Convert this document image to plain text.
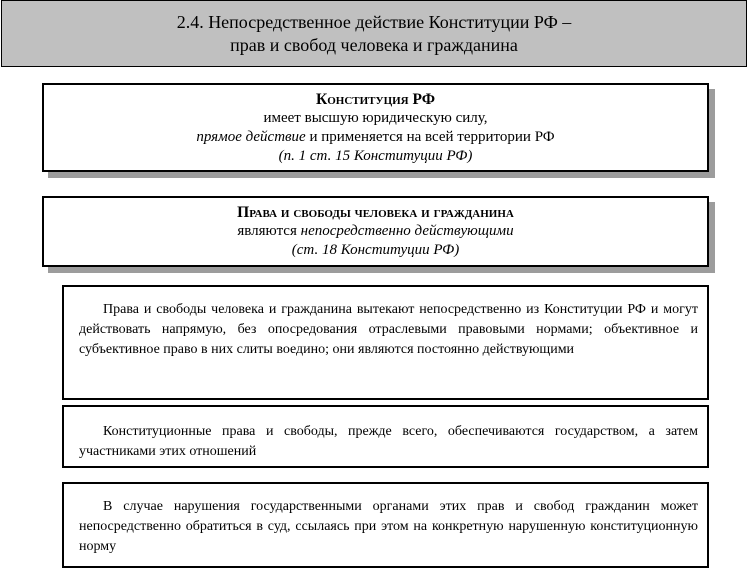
2.4. Непосредственное действие Конституции РФ –
прав и свобод человека и гражданина
Конституция РФ
имеет высшую юридическую силу,
прямое действие и применяется на всей территории РФ
(п. 1 ст. 15 Конституции РФ)
Права и свободы человека и гражданина
являются непосредственно действующими
(ст. 18 Конституции РФ)

Права и свободы человека и гражданина вытекают непосредственно из Конституции РФ и могут действовать напрямую, без опосредования отраслевыми правовыми нормами; объективное и субъективное право в них слиты воедино; они являются постоянно действующими

Конституционные права и свободы, прежде всего, обеспечиваются государством, а затем участниками этих отношений

В случае нарушения государственными органами этих прав и свобод гражданин может непосредственно обратиться в суд, ссылаясь при этом на конкретную нарушенную конституционную норму
